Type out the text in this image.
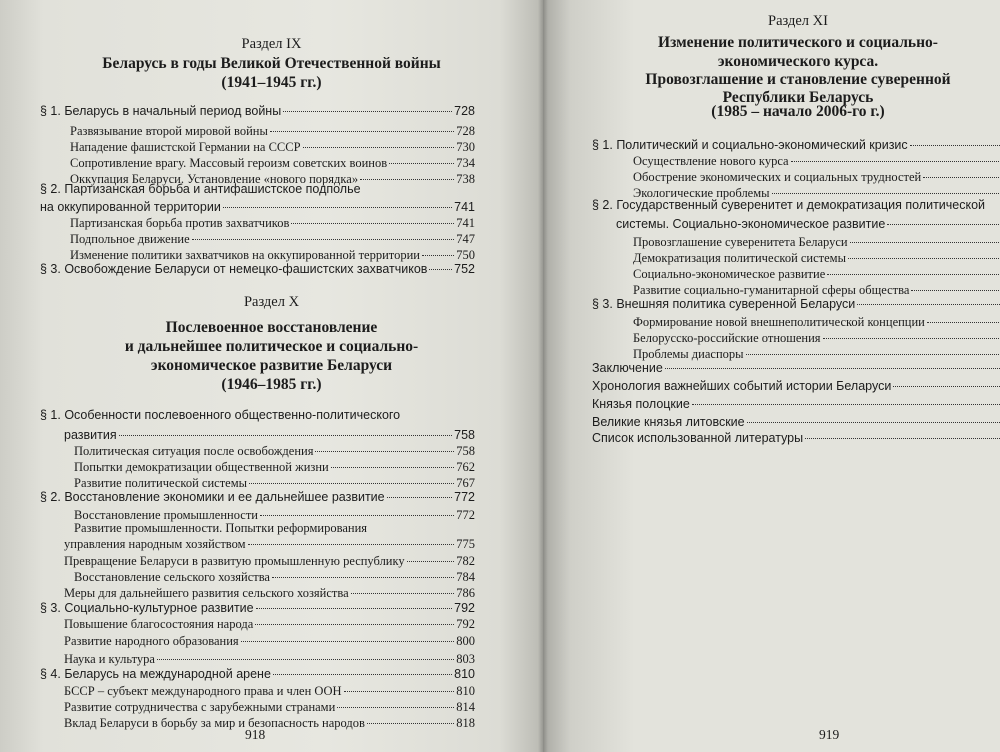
Раздел IX
Беларусь в годы Великой Отечественной войны
(1941–1945 гг.)
§ 1. Беларусь в начальный период войны	728
Развязывание второй мировой войны	728
Нападение фашистской Германии на СССР	730
Сопротивление врагу. Массовый героизм советских воинов	734
Оккупация Беларуси. Установление «нового порядка»	738
§ 2. Партизанская борьба и антифашистское подполье
на оккупированной территории	741
Партизанская борьба против захватчиков	741
Подпольное движение	747
Изменение политики захватчиков на оккупированной территории	750
§ 3. Освобождение Беларуси от немецко-фашистских захватчиков 752
Раздел X
Послевоенное восстановление
и дальнейшее политическое и социально-
экономическое развитие Беларуси
(1946–1985 гг.)
§ 1. Особенности послевоенного общественно-политического
развития	758
Политическая ситуация после освобождения	758
Попытки демократизации общественной жизни	762
Развитие политической системы	767
§ 2. Восстановление экономики и ее дальнейшее развитие	772
Восстановление промышленности	772
Развитие промышленности. Попытки реформирования
управления народным хозяйством	775
Превращение Беларуси в развитую промышленную республику	782
Восстановление сельского хозяйства	784
Меры для дальнейшего развития сельского хозяйства	786
§ 3. Социально-культурное развитие	792
Повышение благосостояния народа	792
Развитие народного образования	800
Наука и культура	803
§ 4. Беларусь на международной арене	810
БССР – субъект международного права и член ООН	810
Развитие сотрудничества с зарубежными странами	814
Вклад Беларуси в борьбу за мир и безопасность народов	818
918
Раздел XI
Изменение политического и социально-
экономического курса.
Провозглашение и становление суверенной
Республики Беларусь
(1985 – начало 2006-го г.)
§ 1. Политический и социально-экономический кризис
Осуществление нового курса
Обострение экономических и социальных трудностей
Экологические проблемы
§ 2. Государственный суверенитет и демократизация политической
системы. Социально-экономическое развитие
Провозглашение суверенитета Беларуси
Демократизация политической системы
Социально-экономическое развитие
Развитие социально-гуманитарной сферы общества
§ 3. Внешняя политика суверенной Беларуси
Формирование новой внешнеполитической концепции
Белорусско-российские отношения
Проблемы диаспоры
Заключение
Хронология важнейших событий истории Беларуси
Князья полоцкие
Великие князья литовские
Список использованной литературы
919
